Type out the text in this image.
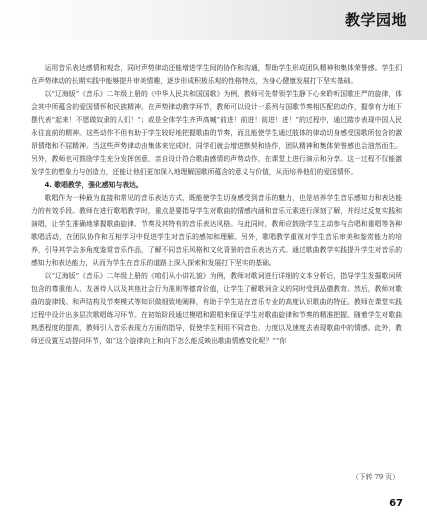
教学园地

运用音乐表达感情和观念，同时声势律动还能增进学生间的协作和沟通，帮助学生形成团队精神和集体荣誉感。学生们在声势律动的长期实践中能够提升审美情趣，逐步形成积极乐观的性格特点，为身心健康发展打下坚实基础。

以“辽海版”《音乐》二年级上册的《中华人民共和国国歌》为例，教师可先带领学生静下心来聆听国歌庄严的旋律，体会其中所蕴含的爱国情怀和民族精神。在声势律动教学环节，教师可以设计一系列与国歌节奏相匹配的动作，握拳有力地下摆代表“起来！不愿做奴隶的人们！”；或是全体学生齐声高喊“前进！前进！前进！进！”的过程中，通过踏步表现中国人民永往直前的精神。这些动作不但有助于学生较好地把握歌曲的节奏，而且能使学生通过肢体的律动切身感受国歌所包含的激昂情绪和不屈精神。当这些声势律动由集体来完成时，同学们就会增进默契和协作，团队精神和集体荣誉感也会油然而生。另外，教师也可鼓励学生充分发挥创意，亲自设计符合歌曲感情的声势动作，在课堂上进行演示和分享。这一过程不仅能激发学生的想象力与创造力，还能让他们更加深入地理解国歌所蕴含的意义与价值，从而培养他们的爱国情怀。

4. 歌唱教学，强化感知与表达。

歌唱作为一种最为直接和常见的音乐表达方式，既能使学生切身感受到音乐的魅力，也是培养学生音乐感知力和表达能力的有效手段。教师在进行歌唱教学时，重点是要指导学生对歌曲的情感内涵和音乐元素进行深刻了解，并经过反复实践和演唱，让学生准确地掌握歌曲旋律、节奏及其特有的音乐表达风格。与此同时，教师应鼓励学生主动参与合唱和重唱等各种歌唱活动，在团队协作和互相学习中促进学生对音乐的感知和理解。另外，歌唱教学重视对学生音乐审美和鉴赏能力的培养，引导其学会多角度鉴赏音乐作品，了解不同音乐风格和文化背景的音乐表达方式。通过歌曲教学实践提升学生对音乐的感知力和表达能力，从而为学生在音乐的道路上深入探索和发展打下坚实的基础。

以“辽海版”《音乐》二年级上册的《咱们从小讲礼貌》为例，教师对歌词进行详细的文本分析后，指导学生发掘歌词所包含的尊重他人、友善待人以及其他社会行为准则等德育价值，让学生了解歌词含义的同时受到品德教育。然后，教师对歌曲的旋律线、和声结构及节奏模式等知识做细致地阐释，有助于学生站在音乐专业的高度认识歌曲的特征。教师在课堂实践过程中设计出多层次歌唱练习环节。在初始阶段通过模唱和跟唱来保证学生对歌曲旋律和节奏的精准把握。随着学生对歌曲熟悉程度的提高，教师引入音乐表现力方面的指导，促使学生利用不同音色、力度以及速度去表现歌曲中的情感。此外，教师还设置互动提问环节，如“这个旋律向上和向下怎么能反映出歌曲情感变化呢？”“你

（下转 79 页）
67
